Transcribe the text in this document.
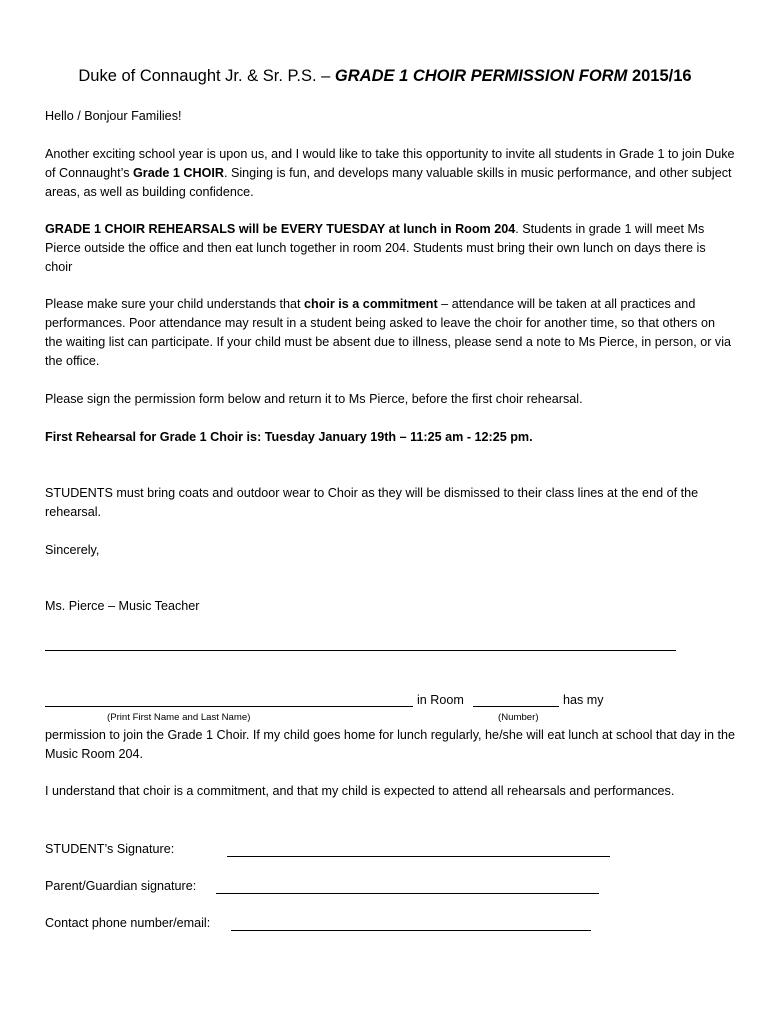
Duke of Connaught Jr. & Sr. P.S. – GRADE 1 CHOIR PERMISSION FORM 2015/16

Hello / Bonjour Families!

Another exciting school year is upon us, and I would like to take this opportunity to invite all students in Grade 1 to join Duke of Connaught’s Grade 1 CHOIR. Singing is fun, and develops many valuable skills in music performance, and other subject areas, as well as building confidence.

GRADE 1 CHOIR REHEARSALS will be EVERY TUESDAY at lunch in Room 204. Students in grade 1 will meet Ms Pierce outside the office and then eat lunch together in room 204. Students must bring their own lunch on days there is choir

Please make sure your child understands that choir is a commitment – attendance will be taken at all practices and performances. Poor attendance may result in a student being asked to leave the choir for another time, so that others on the waiting list can participate. If your child must be absent due to illness, please send a note to Ms Pierce, in person, or via the office.

Please sign the permission form below and return it to Ms Pierce, before the first choir rehearsal.

First Rehearsal for Grade 1 Choir is: Tuesday January 19th – 11:25 am - 12:25 pm.

STUDENTS must bring coats and outdoor wear to Choir as they will be dismissed to their class lines at the end of the rehearsal.

Sincerely,

Ms. Pierce – Music Teacher

in Room	has my
(Print First Name and Last Name)	(Number)

permission to join the Grade 1 Choir. If my child goes home for lunch regularly, he/she will eat lunch at school that day in the Music Room 204.

I understand that choir is a commitment, and that my child is expected to attend all rehearsals and performances.

STUDENT’s Signature:
Parent/Guardian signature:
Contact phone number/email:
